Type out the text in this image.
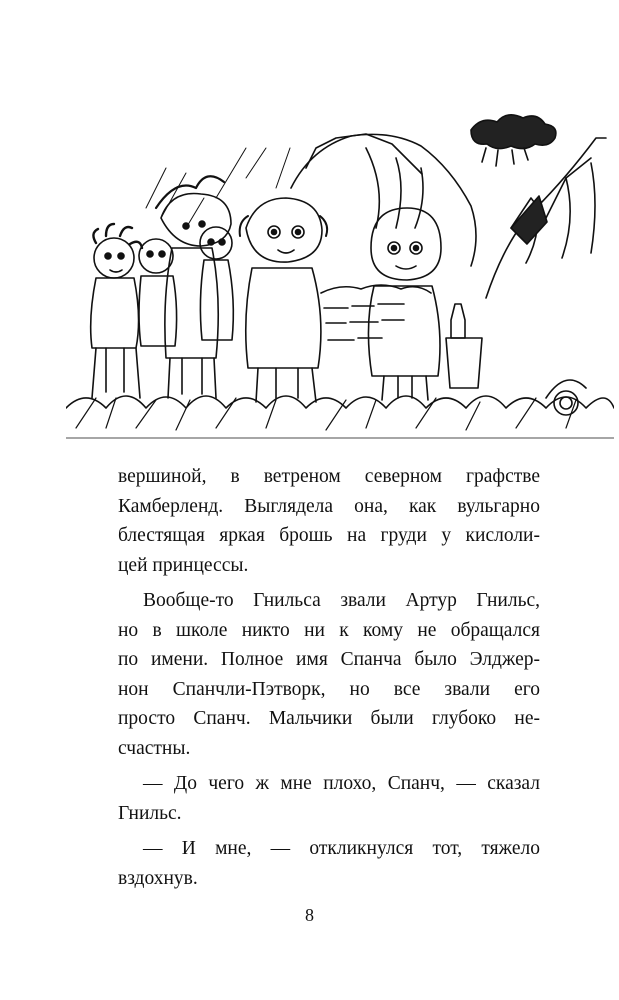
вершиной, в ветреном северном графстве
Камберленд. Выглядела она, как вульгарно
блестящая яркая брошь на груди у кислоли-
цей принцессы.
Вообще-то Гнильса звали Артур Гнильс,
но в школе никто ни к кому не обращался
по имени. Полное имя Спанча было Элджер-
нон Спанчли-Пэтворк, но все звали его
просто Спанч. Мальчики были глубоко не-
счастны.
— До чего ж мне плохо, Спанч, — сказал
Гнильс.
— И мне, — откликнулся тот, тяжело
вздохнув.
8
